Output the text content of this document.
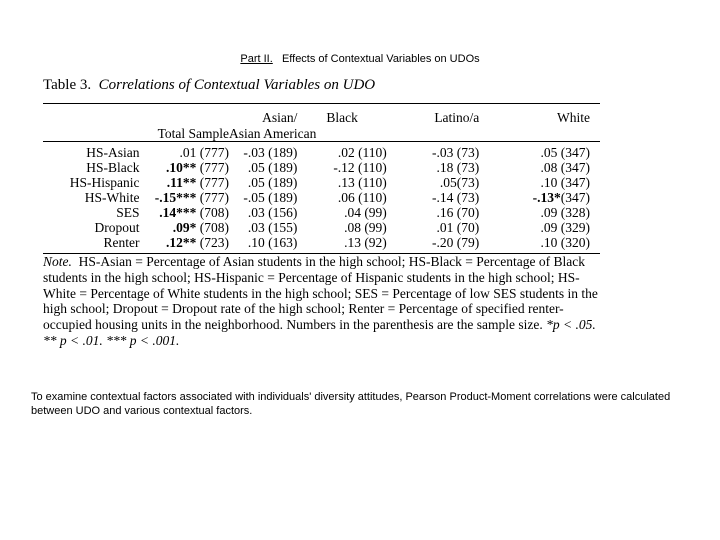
Part II. Effects of Contextual Variables on UDOs
Table 3. Correlations of Contextual Variables on UDO
		Asian/	Black	Latino/a	White
	Total Sample	Asian American			

HS-Asian	.01 (777)	-.03 (189)	.02 (110)	-.03 (73)	.05 (347)
HS-Black	.10** (777)	.05 (189)	-.12 (110)	.18 (73)	.08 (347)
HS-Hispanic	.11** (777)	.05 (189)	.13 (110)	.05(73)	.10 (347)
HS-White	-.15*** (777)	-.05 (189)	.06 (110)	-.14 (73)	-.13*(347)
SES	.14*** (708)	.03 (156)	.04 (99)	.16 (70)	.09 (328)
Dropout	.09* (708)	.03 (155)	.08 (99)	.01 (70)	.09 (329)
Renter	.12** (723)	.10 (163)	.13 (92)	-.20 (79)	.10 (320)
Note. HS-Asian = Percentage of Asian students in the high school; HS-Black = Percentage of Black students in the high school; HS-Hispanic = Percentage of Hispanic students in the high school; HS-White = Percentage of White students in the high school; SES = Percentage of low SES students in the high school; Dropout = Dropout rate of the high school; Renter = Percentage of specified renter-occupied housing units in the neighborhood. Numbers in the parenthesis are the sample size. *p < .05. ** p < .01. *** p < .001.
To examine contextual factors associated with individuals' diversity attitudes, Pearson Product-Moment correlations were calculated between UDO and various contextual factors.
